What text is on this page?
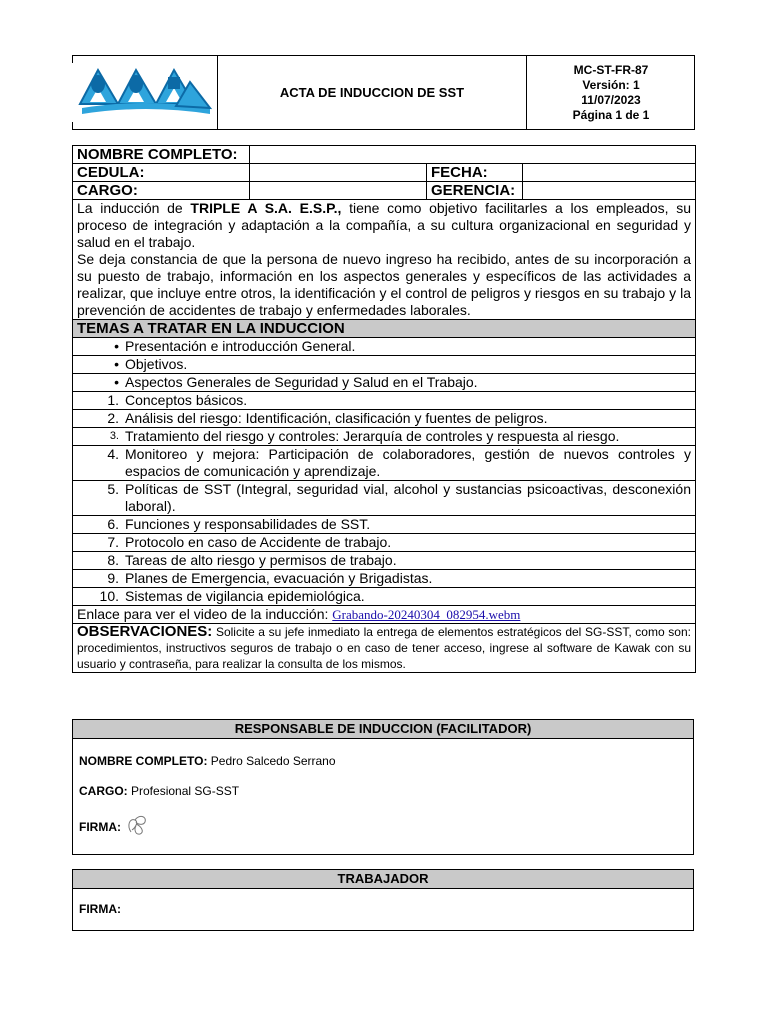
ACTA DE INDUCCION DE SST
MC-ST-FR-87
Versión: 1
11/07/2023
Página 1 de 1
NOMBRE COMPLETO:			
CEDULA:		FECHA:	
CARGO:		GERENCIA:	

La inducción de TRIPLE A S.A. E.S.P., tiene como objetivo facilitarles a los empleados, su proceso de integración y adaptación a la compañía, a su cultura organizacional en seguridad y salud en el trabajo.
Se deja constancia de que la persona de nuevo ingreso ha recibido, antes de su incorporación a su puesto de trabajo, información en los aspectos generales y específicos de las actividades a realizar, que incluye entre otros, la identificación y el control de peligros y riesgos en su trabajo y la prevención de accidentes de trabajo y enfermedades laborales.			

TEMAS A TRATAR EN LA INDUCCION			

• Presentación e introducción General.			

• Objetivos.			

• Aspectos Generales de Seguridad y Salud en el Trabajo.			

1. Conceptos básicos.			

2. Análisis del riesgo: Identificación, clasificación y fuentes de peligros.			

3. Tratamiento del riesgo y controles: Jerarquía de controles y respuesta al riesgo.			

4. Monitoreo y mejora: Participación de colaboradores, gestión de nuevos controles y espacios de comunicación y aprendizaje.			

5. Políticas de SST (Integral, seguridad vial, alcohol y sustancias psicoactivas, desconexión laboral).			

6. Funciones y responsabilidades de SST.			

7. Protocolo en caso de Accidente de trabajo.			

8. Tareas de alto riesgo y permisos de trabajo.			

9. Planes de Emergencia, evacuación y Brigadistas.			

10. Sistemas de vigilancia epidemiológica.			

Enlace para ver el video de la inducción: Grabando-20240304_082954.webm			
OBSERVACIONES: Solicite a su jefe inmediato la entrega de elementos estratégicos del SG-SST, como son: procedimientos, instructivos seguros de trabajo o en caso de tener acceso, ingrese al software de Kawak con su usuario y contraseña, para realizar la consulta de los mismos.			
RESPONSABLE DE INDUCCION (FACILITADOR)
NOMBRE COMPLETO: Pedro Salcedo Serrano
CARGO: Profesional SG-SST
FIRMA:
TRABAJADOR
FIRMA:
